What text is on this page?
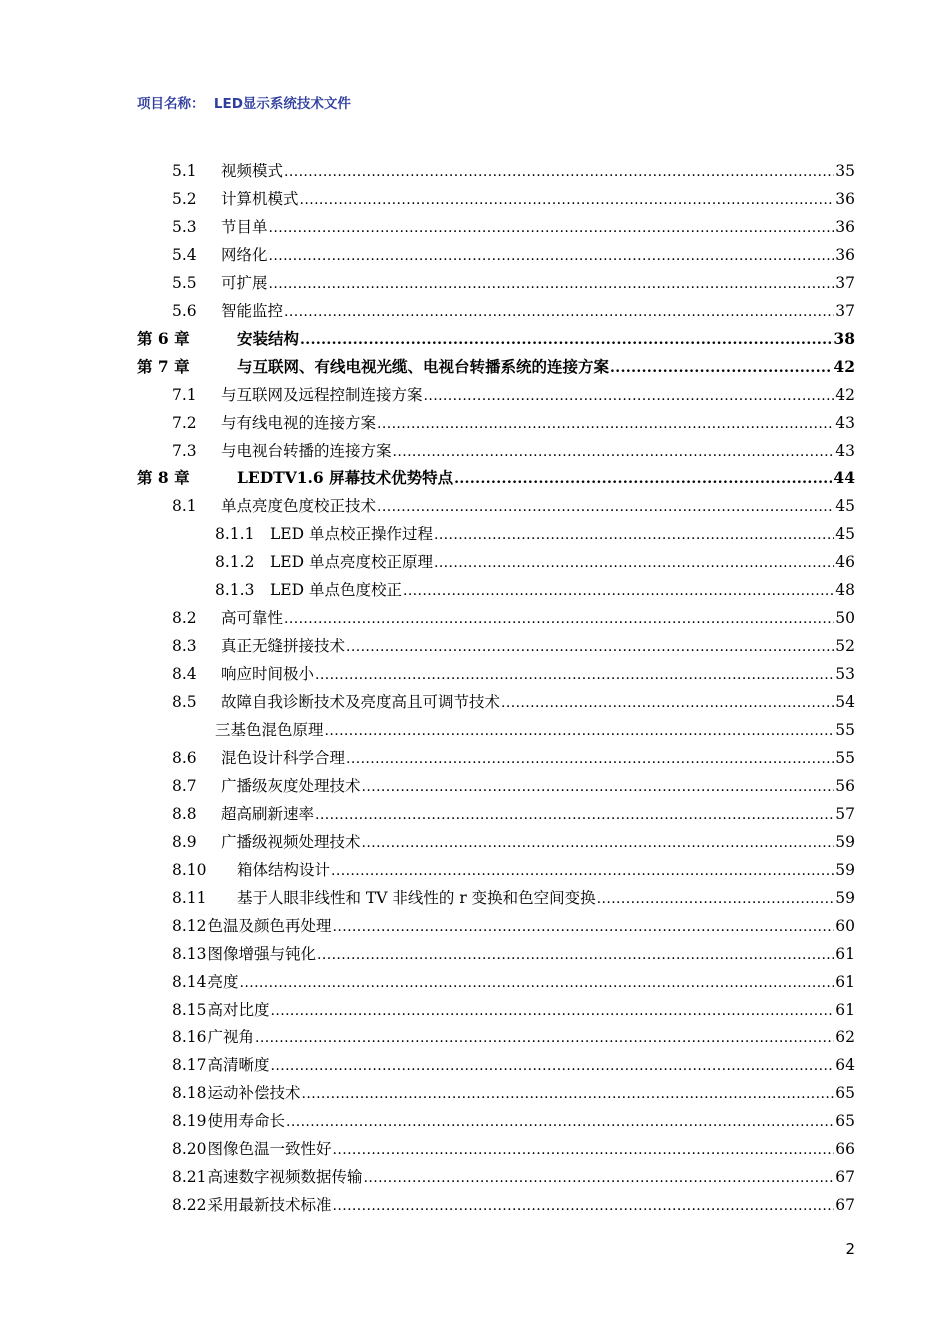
项目名称： LED显示系统技术文件
5.1	视频模式 .....	35
5.2	计算机模式 .....	36
5.3	节目单 .....	36
5.4	网络化 .....	36
5.5	可扩展 .....	37
5.6	智能监控 .....	37
第 6 章	安装结构 .....	38
第 7 章	与互联网、有线电视光缆、电视台转播系统的连接方案 .....	42
7.1	与互联网及远程控制连接方案 .....	42
7.2	与有线电视的连接方案 .....	43
7.3	与电视台转播的连接方案 .....	43
第 8 章	LEDTV1.6 屏幕技术优势特点 .....	44
8.1	单点亮度色度校正技术 .....	45
8.1.1	LED 单点校正操作过程 .....	45
8.1.2	LED 单点亮度校正原理 .....	46
8.1.3	LED 单点色度校正 .....	48
8.2	高可靠性 .....	50
8.3	真正无缝拼接技术 .....	52
8.4	响应时间极小 .....	53
8.5	故障自我诊断技术及亮度高且可调节技术 .....	54
三基色混色原理 .....	55
8.6	混色设计科学合理 .....	55
8.7	广播级灰度处理技术 .....	56
8.8	超高刷新速率 .....	57
8.9	广播级视频处理技术 .....	59
8.10	箱体结构设计 .....	59
8.11	基于人眼非线性和 TV 非线性的 r 变换和色空间变换 .....	59
8.12 色温及颜色再处理 .....	60
8.13 图像增强与钝化 .....	61
8.14 亮度 .....	61
8.15 高对比度 .....	61
8.16 广视角 .....	62
8.17 高清晰度 .....	64
8.18 运动补偿技术 .....	65
8.19 使用寿命长 .....	65
8.20 图像色温一致性好 .....	66
8.21 高速数字视频数据传输 .....	67
8.22 采用最新技术标准 .....	67
2
